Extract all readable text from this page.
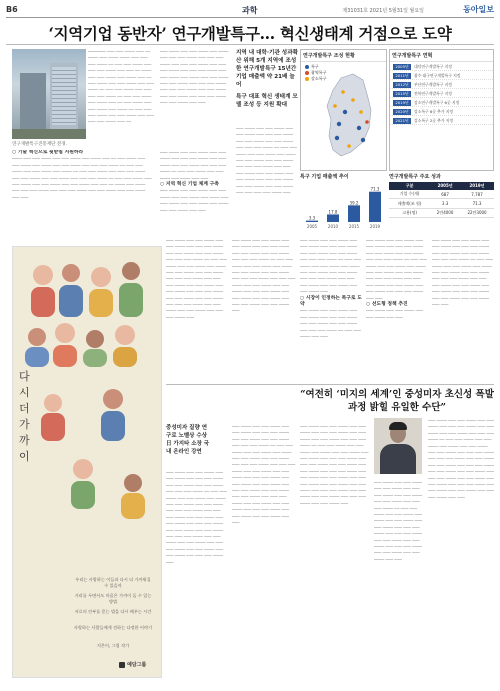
B6	과학	제31031호 2021년 5월31일 월요일	동아일보
‘지역기업 동반자’ 연구개발특구… 혁신생태계 거점으로 도약
연구개발특구진흥재단 전경.
─────── ─── ─── ──── ─── ── ──── ─── ──── ──── ─── ─── ─── ──── ── ─── ─── ──── ─── ─── ─── ──── ─── ─── ── ──── ─── ─── ──── ─── ──── ─── ── ─── ──── ─── ─── ──── ─── ─── ──── ── ─── ─── ──── ─── ─── ─── ─── ──── ── ─── ─── ──── ─── ──── ─── ── ─── ──── ─── ─── ──── ─── ──── ── ─── ─── ─── ──── ─── ─── ──── ─── ─── ─── ─── ──── ─── ──
○ 기술 혁신으로 뒷받침 지원하라
──── ─── ─── ──── ─── ─── ──── ─── ──── ─── ── ─── ──── ─── ─── ──── ─── ──── ─── ─── ──── ─── ─── ─── ──── ── ─── ─── ──── ─── ─── ──── ─── ──── ── ─── ─── ──── ─── ─── ─── ──── ─── ─── ──── ─── ─── ──── ─── ─── ─── ──── ── ─── ─── ──── ─── ─── ──── ─── ─── ──── ─── ─── ──── ─── ─── ── ──── ─── ──── ─── ─── ─── ──── ─── ─── ─── ──── ─── ─── ──── ─── ─── ──── ─── ───
─── ──── ─── ─── ──── ─── ─── ──── ─── ─── ─── ──── ─── ─── ──── ─── ─── ──── ─── ─── ─── ──── ── ─── ─── ──── ─── ─── ──── ─── ──── ─── ───
○ 지역 혁신 기업 체계 구축
─── ──── ─── ─── ──── ─── ─── ──── ─── ─── ──── ─── ──── ─── ─── ──── ─── ─── ──── ─── ──── ─── ─── ──── ─── ───
─── ──── ─── ─── ──── ─── ──── ─── ─── ─── ──── ─── ─── ─── ──── ─── ─── ─── ──── ─── ─── ─── ──── ─── ─── ─── ──── ─── ─── ──── ─── ──── ─── ─── ──── ─── ─── ──── ─── ─── ─── ──── ─── ─── ─── ──── ─── ─── ──── ─── ─── ──── ─── ─── ─── ──── ─── ─── ──── ─── ───
지역 내 대학·기관 성과확산 위해 5개 지역에 조성한 연구개발특구 15년간 기업 매출액 약 21배 늘어
특구 대표 혁신 생태계 모델 조성 등 지원 확대
─── ──── ─── ─── ──── ─── ─── ──── ─── ─── ─── ──── ─── ─── ──── ─── ─── ──── ─── ─── ─── ──── ── ─── ─── ──── ─── ─── ──── ─── ──── ─── ─── ──── ─── ─── ──── ─── ─── ─── ──── ─── ─── ─── ──── ─── ─── ──── ─── ─── ──── ─── ─── ─── ──── ─── ─── ──── ─── ─── ──── ─── ─── ─── ─── ──── ───
연구개발특구 조성 현황
특구
광역특구
강소특구
연구개발특구 연혁
2005년	대덕연구개발특구 지정
2011년	광주·대구연구개발특구 지정
2012년	부산연구개발특구 지정
2015년	전북연구개발특구 지정
2019년	강소연구개발특구 6곳 지정
2020년	강소특구 6곳 추가 지정
2021년	강소특구 2곳 추가 지정
특구 기업 매출액 추이
3.3
2005
17.8
2010
39.2
2015
71.3
2019
연구개발특구 주요 성과
구분	2005년	2019년
기업 수(개)	687	7,787
매출액(조 원)	3.3	71.3
고용(명)	2만4000	22만3000
─── ──── ─── ─── ──── ─── ─── ──── ─── ─── ─── ──── ─── ─── ──── ─── ─── ──── ─── ─── ─── ──── ── ─── ─── ──── ─── ─── ──── ─── ──── ─── ─── ──── ─── ─── ──── ─── ─── ─── ──── ─── ─── ─── ──── ─── ─── ──── ─── ─── ──── ───
○ 시장이 인정하는 특구로 도약
─── ──── ─── ─── ──── ─── ─── ──── ─── ─── ─── ──── ─── ─── ──── ─── ─── ──── ─── ─── ─── ──── ── ─── ─── ──── ─── ───
─── ──── ─── ─── ──── ─── ─── ──── ─── ─── ─── ──── ─── ─── ──── ─── ─── ──── ─── ─── ─── ──── ── ─── ─── ──── ─── ─── ──── ─── ──── ─── ─── ──── ─── ─── ──── ─── ─── ─── ──── ─── ─── ─── ──── ─── ─── ──── ─── ─── ──── ─── ─── ─── ──── ─── ───
○ 선도형 정책 추진
─── ──── ─── ─── ──── ─── ─── ──── ─── ───
─── ──── ─── ─── ──── ─── ─── ──── ─── ─── ─── ──── ─── ─── ──── ─── ─── ──── ─── ─── ─── ──── ── ─── ─── ──── ─── ─── ──── ─── ──── ─── ─── ──── ─── ─── ──── ─── ─── ─── ──── ─── ─── ─── ──── ─── ─── ──── ─── ─── ──── ─── ─── ─── ──── ─── ─── ──── ─── ─── ──── ─── ───
─── ──── ─── ─── ──── ─── ─── ──── ─── ─── ─── ──── ─── ─── ──── ─── ─── ──── ─── ─── ─── ──── ── ─── ─── ──── ─── ─── ──── ─── ──── ─── ─── ──── ─── ─── ──── ─── ─── ─── ──── ─── ─── ─── ──── ─── ─── ──── ─── ─── ──── ─── ─── ─── ──── ─── ─── ──── ─── ─── ──── ─── ─── ─── ──── ─── ─── ──── ─── ─── ──── ─── ─── ─── ──── ───
─── ──── ─── ─── ──── ─── ─── ──── ─── ─── ─── ──── ─── ─── ──── ─── ─── ──── ─── ─── ─── ──── ── ─── ─── ──── ─── ─── ──── ─── ──── ─── ─── ──── ─── ─── ──── ─── ─── ─── ──── ─── ─── ─── ──── ─── ─── ──── ─── ─── ──── ─── ─── ─── ──── ─── ─── ──── ─── ─── ──── ─── ─── ─── ──── ─── ─── ──── ───
다
시
더
가
까
이
우리는 사랑하는 이들과 다시 더 가까워질 수 있을까
거리를 두면서도 마음은 가까이 둘 수 있는 방법
서로의 안부를 묻는 법을 다시 배우는 시간
사랑하는 사람들에게 전하는 다정한 이야기
지은이, 그림 작가
예담그룹
“여전히 ‘미지의 세계’인 중성미자 초신성 폭발과정 밝힐 유일한 수단”
중성미자 질량 연구로 노벨상 수상 日 가지타 소장 국내 온라인 강연
─── ──── ─── ─── ──── ─── ─── ──── ─── ─── ─── ──── ─── ─── ──── ─── ─── ──── ─── ─── ─── ──── ── ─── ─── ──── ─── ─── ──── ─── ──── ─── ─── ──── ─── ─── ──── ─── ─── ─── ──── ─── ─── ─── ──── ─── ─── ──── ─── ─── ──── ─── ─── ─── ──── ─── ─── ──── ─── ─── ──── ─── ─── ─── ──── ─── ─── ──── ─── ─── ──── ─── ─── ─── ──── ─── ─── ──── ─── ─── ──── ─── ─── ─── ──── ───
─── ──── ─── ─── ──── ─── ─── ──── ─── ─── ─── ──── ─── ─── ──── ─── ─── ──── ─── ─── ─── ──── ── ─── ─── ──── ─── ─── ──── ─── ──── ─── ─── ──── ─── ─── ──── ─── ─── ─── ──── ─── ─── ─── ──── ─── ─── ──── ─── ─── ──── ─── ─── ─── ──── ─── ─── ──── ─── ─── ──── ─── ─── ─── ──── ─── ─── ──── ─── ─── ──── ─── ─── ─── ──── ─── ─── ──── ─── ─── ──── ─── ─── ─── ──── ─── ─── ──── ─── ─── ──── ─── ───
─── ──── ─── ─── ──── ─── ─── ──── ─── ─── ─── ──── ─── ─── ──── ─── ─── ──── ─── ─── ─── ──── ── ─── ─── ──── ─── ─── ──── ─── ──── ─── ─── ──── ─── ─── ──── ─── ─── ─── ──── ─── ─── ─── ──── ─── ─── ──── ─── ─── ──── ─── ─── ─── ──── ─── ─── ──── ─── ─── ──── ─── ─── ─── ──── ─── ─── ──── ─── ─── ──── ─── ─── ─── ──── ─── ─── ──── ─── ─── ──── ─── ─── ─── ──── ─── ─── ──── ───
─── ──── ─── ─── ──── ─── ─── ──── ─── ─── ─── ──── ─── ─── ──── ─── ─── ──── ─── ─── ─── ──── ── ─── ─── ──── ─── ─── ──── ─── ──── ─── ─── ──── ─── ─── ──── ─── ─── ─── ──── ─── ─── ─── ──── ─── ─── ──── ─── ─── ──── ─── ─── ─── ──── ─── ─── ──── ─── ─── ──── ─── ─── ─── ──── ─── ─── ──── ─── ─── ──── ─── ─── ─── ──── ─── ─── ──── ─── ─── ──── ─── ─── ─── ──── ─── ───
─── ──── ─── ─── ──── ─── ─── ──── ─── ─── ─── ──── ─── ─── ──── ─── ─── ──── ─── ─── ─── ──── ── ─── ─── ──── ─── ─── ──── ─── ──── ─── ─── ──── ─── ─── ──── ─── ─── ─── ──── ─── ─── ─── ──── ─── ─── ──── ─── ─── ──── ─── ─── ─── ──── ─── ─── ──── ─── ─── ──── ─── ───
